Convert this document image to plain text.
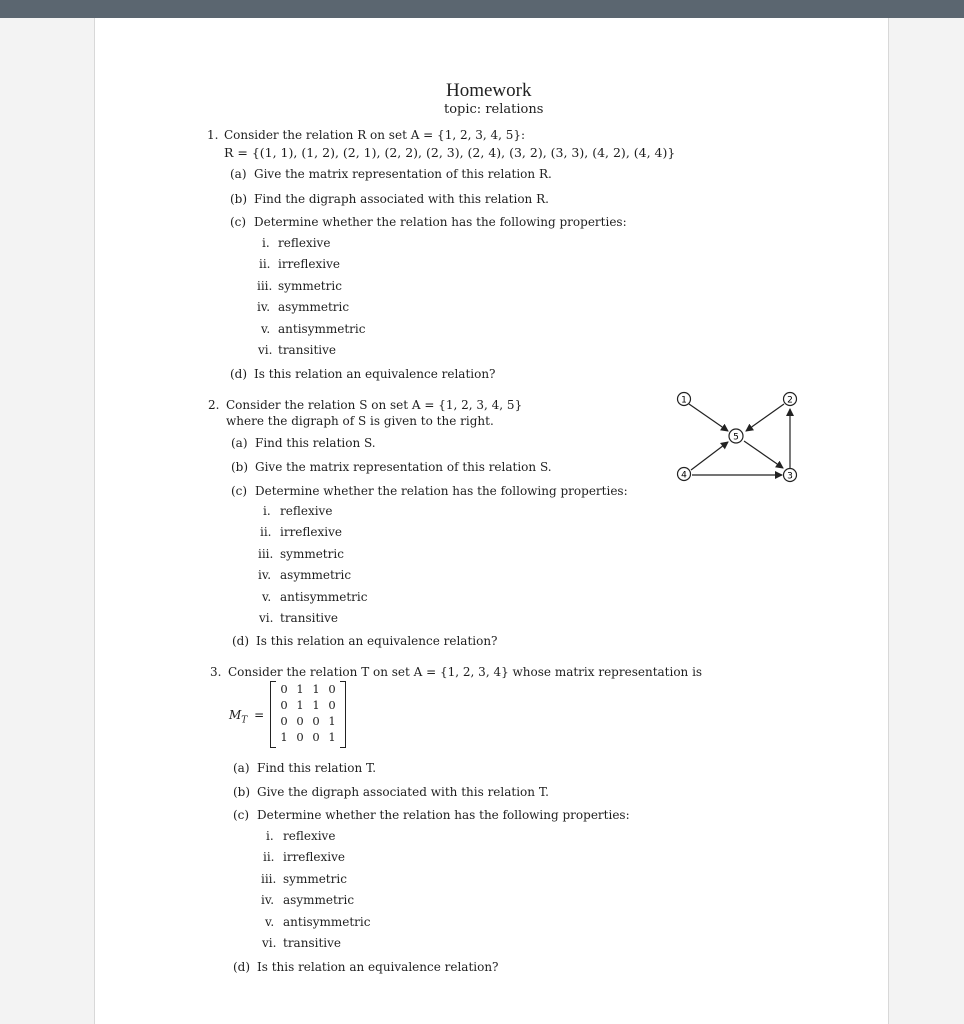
Homework
topic: relations
1. Consider the relation R on set A = {1, 2, 3, 4, 5}:
R = {(1, 1), (1, 2), (2, 1), (2, 2), (2, 3), (2, 4), (3, 2), (3, 3), (4, 2), (4, 4)}
(a) Give the matrix representation of this relation R.
(b) Find the digraph associated with this relation R.
(c) Determine whether the relation has the following properties:
i. reflexive
ii. irreflexive
iii. symmetric
iv. asymmetric
v. antisymmetric
vi. transitive
(d) Is this relation an equivalence relation?
2. Consider the relation S on set A = {1, 2, 3, 4, 5}
where the digraph of S is given to the right.
(a) Find this relation S.
(b) Give the matrix representation of this relation S.
(c) Determine whether the relation has the following properties:
i. reflexive
ii. irreflexive
iii. symmetric
iv. asymmetric
v. antisymmetric
vi. transitive
(d) Is this relation an equivalence relation?
1	2
5
4	3
3. Consider the relation T on set A = {1, 2, 3, 4} whose matrix representation is
$M_T$ =
0 1 1 0
0 1 1 0
0 0 0 1
1 0 0 1
(a) Find this relation T.
(b) Give the digraph associated with this relation T.
(c) Determine whether the relation has the following properties:
i. reflexive
ii. irreflexive
iii. symmetric
iv. asymmetric
v. antisymmetric
vi. transitive
(d) Is this relation an equivalence relation?
